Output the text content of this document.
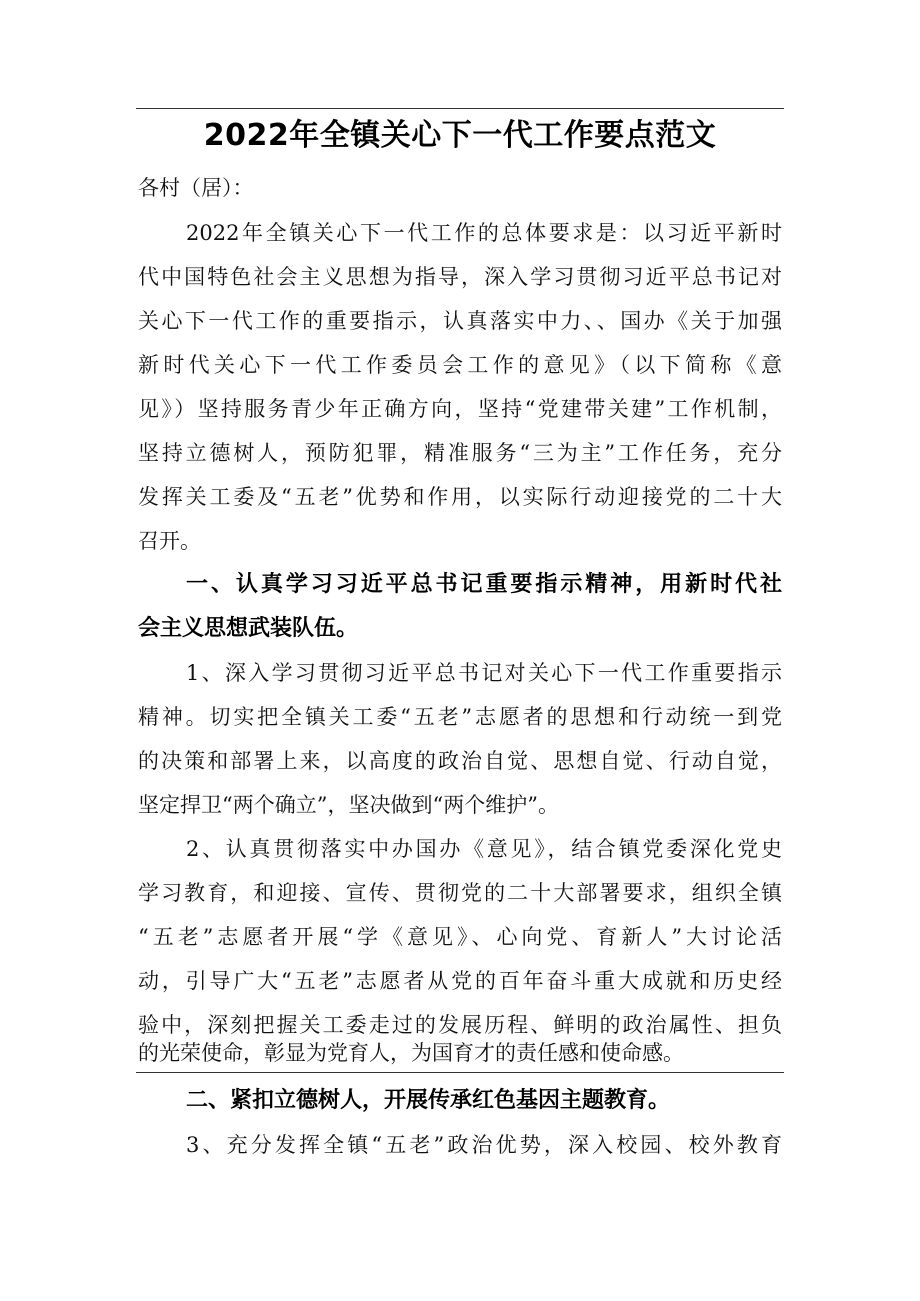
2022年全镇关心下一代工作要点范文
各村（居）：
2022年全镇关心下一代工作的总体要求是：以习近平新时
代中国特色社会主义思想为指导，深入学习贯彻习近平总书记对
关心下一代工作的重要指示，认真落实中力、、国办《关于加强
新时代关心下一代工作委员会工作的意见》（以下简称《意
见》）坚持服务青少年正确方向，坚持“党建带关建”工作机制，
坚持立德树人，预防犯罪，精准服务“三为主”工作任务，充分
发挥关工委及“五老”优势和作用，以实际行动迎接党的二十大
召开。
一、认真学习习近平总书记重要指示精神，用新时代社
会主义思想武装队伍。
1、深入学习贯彻习近平总书记对关心下一代工作重要指示
精神。切实把全镇关工委“五老”志愿者的思想和行动统一到党
的决策和部署上来，以高度的政治自觉、思想自觉、行动自觉，
坚定捍卫“两个确立”，坚决做到“两个维护”。
2、认真贯彻落实中办国办《意见》，结合镇党委深化党史
学习教育，和迎接、宣传、贯彻党的二十大部署要求，组织全镇
“五老”志愿者开展“学《意见》、心向党、育新人”大讨论活
动，引导广大“五老”志愿者从党的百年奋斗重大成就和历史经
验中，深刻把握关工委走过的发展历程、鲜明的政治属性、担负
的光荣使命，彰显为党育人，为国育才的责任感和使命感。
二、紧扣立德树人，开展传承红色基因主题教育。
3、充分发挥全镇“五老”政治优势，深入校园、校外教育
